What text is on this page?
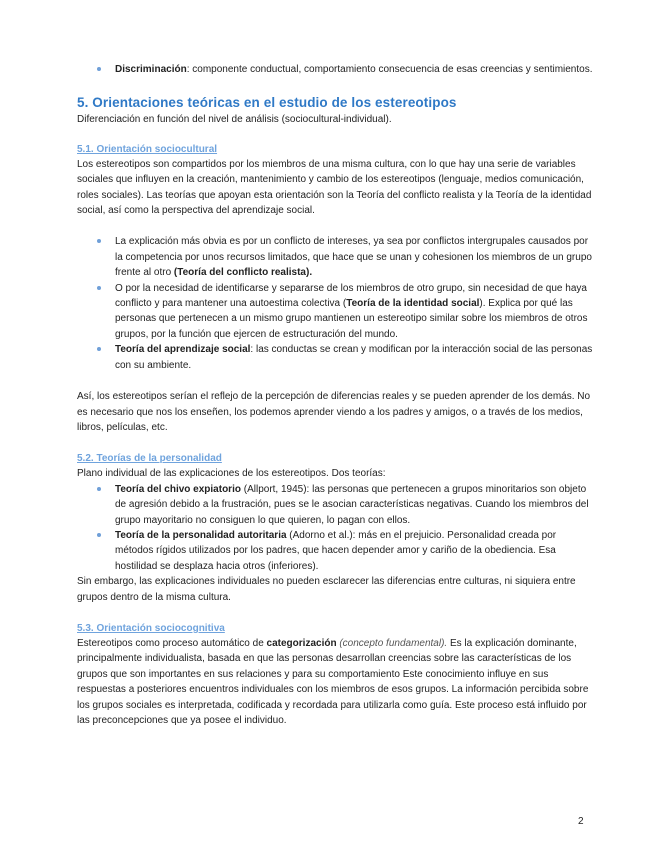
Discriminación: componente conductual, comportamiento consecuencia de esas creencias y sentimientos.
5. Orientaciones teóricas en el estudio de los estereotipos

Diferenciación en función del nivel de análisis (sociocultural-individual).

5.1. Orientación sociocultural

Los estereotipos son compartidos por los miembros de una misma cultura, con lo que hay una serie de variables sociales que influyen en la creación, mantenimiento y cambio de los estereotipos (lenguaje, medios comunicación, roles sociales). Las teorías que apoyan esta orientación son la Teoría del conflicto realista y la Teoría de la identidad social, así como la perspectiva del aprendizaje social.

La explicación más obvia es por un conflicto de intereses, ya sea por conflictos intergrupales causados por la competencia por unos recursos limitados, que hace que se unan y cohesionen los miembros de un grupo frente al otro (Teoría del conflicto realista).
O por la necesidad de identificarse y separarse de los miembros de otro grupo, sin necesidad de que haya conflicto y para mantener una autoestima colectiva (Teoría de la identidad social). Explica por qué las personas que pertenecen a un mismo grupo mantienen un estereotipo similar sobre los miembros de otros grupos, por la función que ejercen de estructuración del mundo.
Teoría del aprendizaje social: las conductas se crean y modifican por la interacción social de las personas con su ambiente.

Así, los estereotipos serían el reflejo de la percepción de diferencias reales y se pueden aprender de los demás. No es necesario que nos los enseñen, los podemos aprender viendo a los padres y amigos, o a través de los medios, libros, películas, etc.

5.2. Teorías de la personalidad

Plano individual de las explicaciones de los estereotipos. Dos teorías:

Teoría del chivo expiatorio (Allport, 1945): las personas que pertenecen a grupos minoritarios son objeto de agresión debido a la frustración, pues se le asocian características negativas. Cuando los miembros del grupo mayoritario no consiguen lo que quieren, lo pagan con ellos.
Teoría de la personalidad autoritaria (Adorno et al.): más en el prejuicio. Personalidad creada por métodos rígidos utilizados por los padres, que hacen depender amor y cariño de la obediencia. Esa hostilidad se desplaza hacia otros (inferiores).

Sin embargo, las explicaciones individuales no pueden esclarecer las diferencias entre culturas, ni siquiera entre grupos dentro de la misma cultura.

5.3. Orientación sociocognitiva

Estereotipos como proceso automático de categorización (concepto fundamental). Es la explicación dominante, principalmente individualista, basada en que las personas desarrollan creencias sobre las características de los grupos que son importantes en sus relaciones y para su comportamiento Este conocimiento influye en sus respuestas a posteriores encuentros individuales con los miembros de esos grupos. La información percibida sobre los grupos sociales es interpretada, codificada y recordada para utilizarla como guía. Este proceso está influido por las preconcepciones que ya posee el individuo.

2
